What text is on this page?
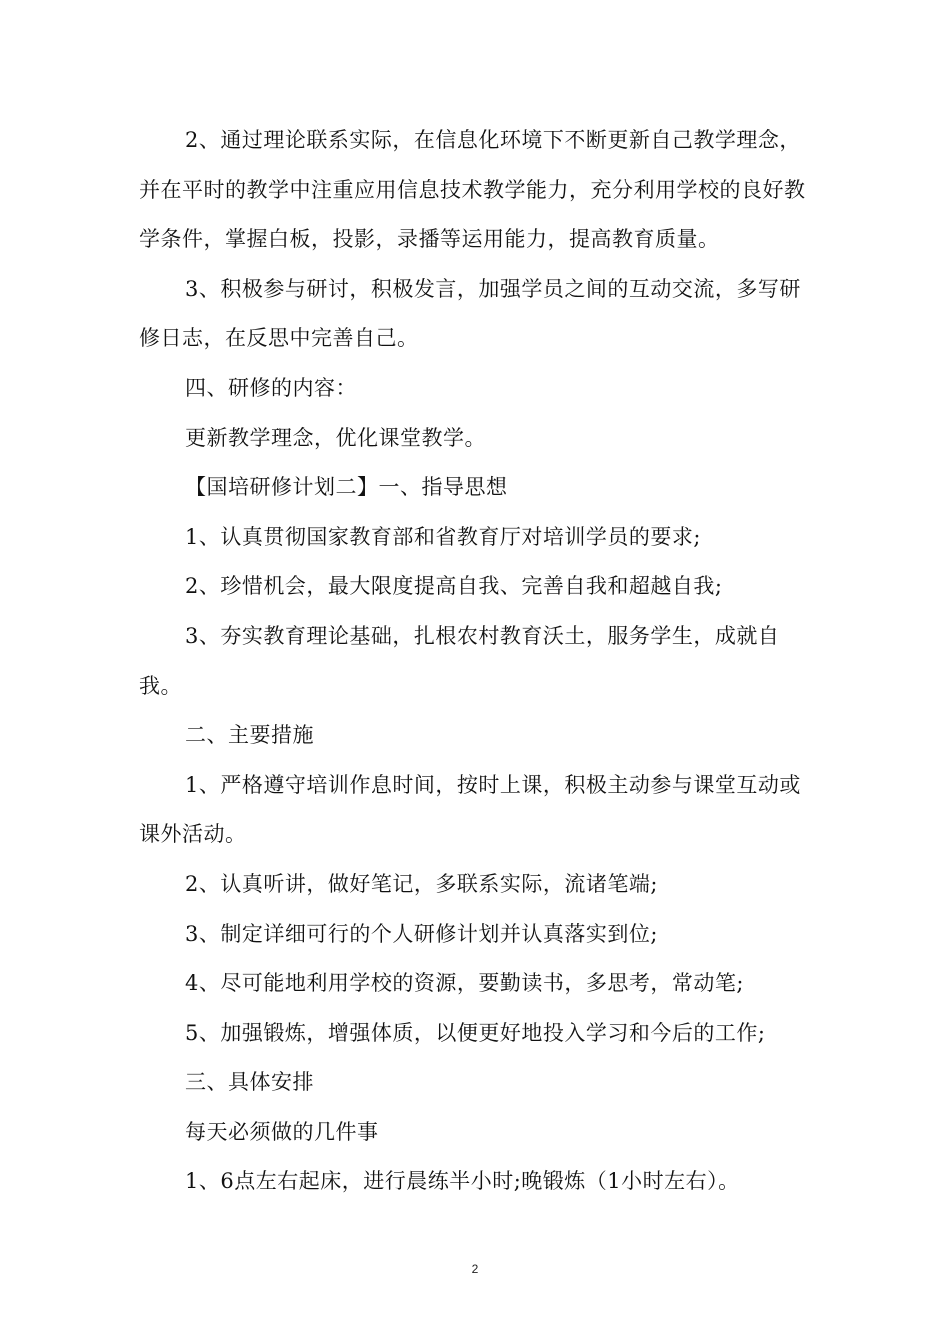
2、通过理论联系实际，在信息化环境下不断更新自己教学理念，并在平时的教学中注重应用信息技术教学能力，充分利用学校的良好教学条件，掌握白板，投影，录播等运用能力，提高教育质量。

3、积极参与研讨，积极发言，加强学员之间的互动交流，多写研修日志，在反思中完善自己。

四、研修的内容：

更新教学理念，优化课堂教学。

【国培研修计划二】一、指导思想

1、认真贯彻国家教育部和省教育厅对培训学员的要求;

2、珍惜机会，最大限度提高自我、完善自我和超越自我;

3、夯实教育理论基础，扎根农村教育沃土，服务学生，成就自我。

二、主要措施

1、严格遵守培训作息时间，按时上课，积极主动参与课堂互动或课外活动。

2、认真听讲，做好笔记，多联系实际，流诸笔端;

3、制定详细可行的个人研修计划并认真落实到位;

4、尽可能地利用学校的资源，要勤读书，多思考，常动笔;

5、加强锻炼，增强体质，以便更好地投入学习和今后的工作;

三、具体安排

每天必须做的几件事

1、6点左右起床，进行晨练半小时;晚锻炼（1小时左右）。

2
